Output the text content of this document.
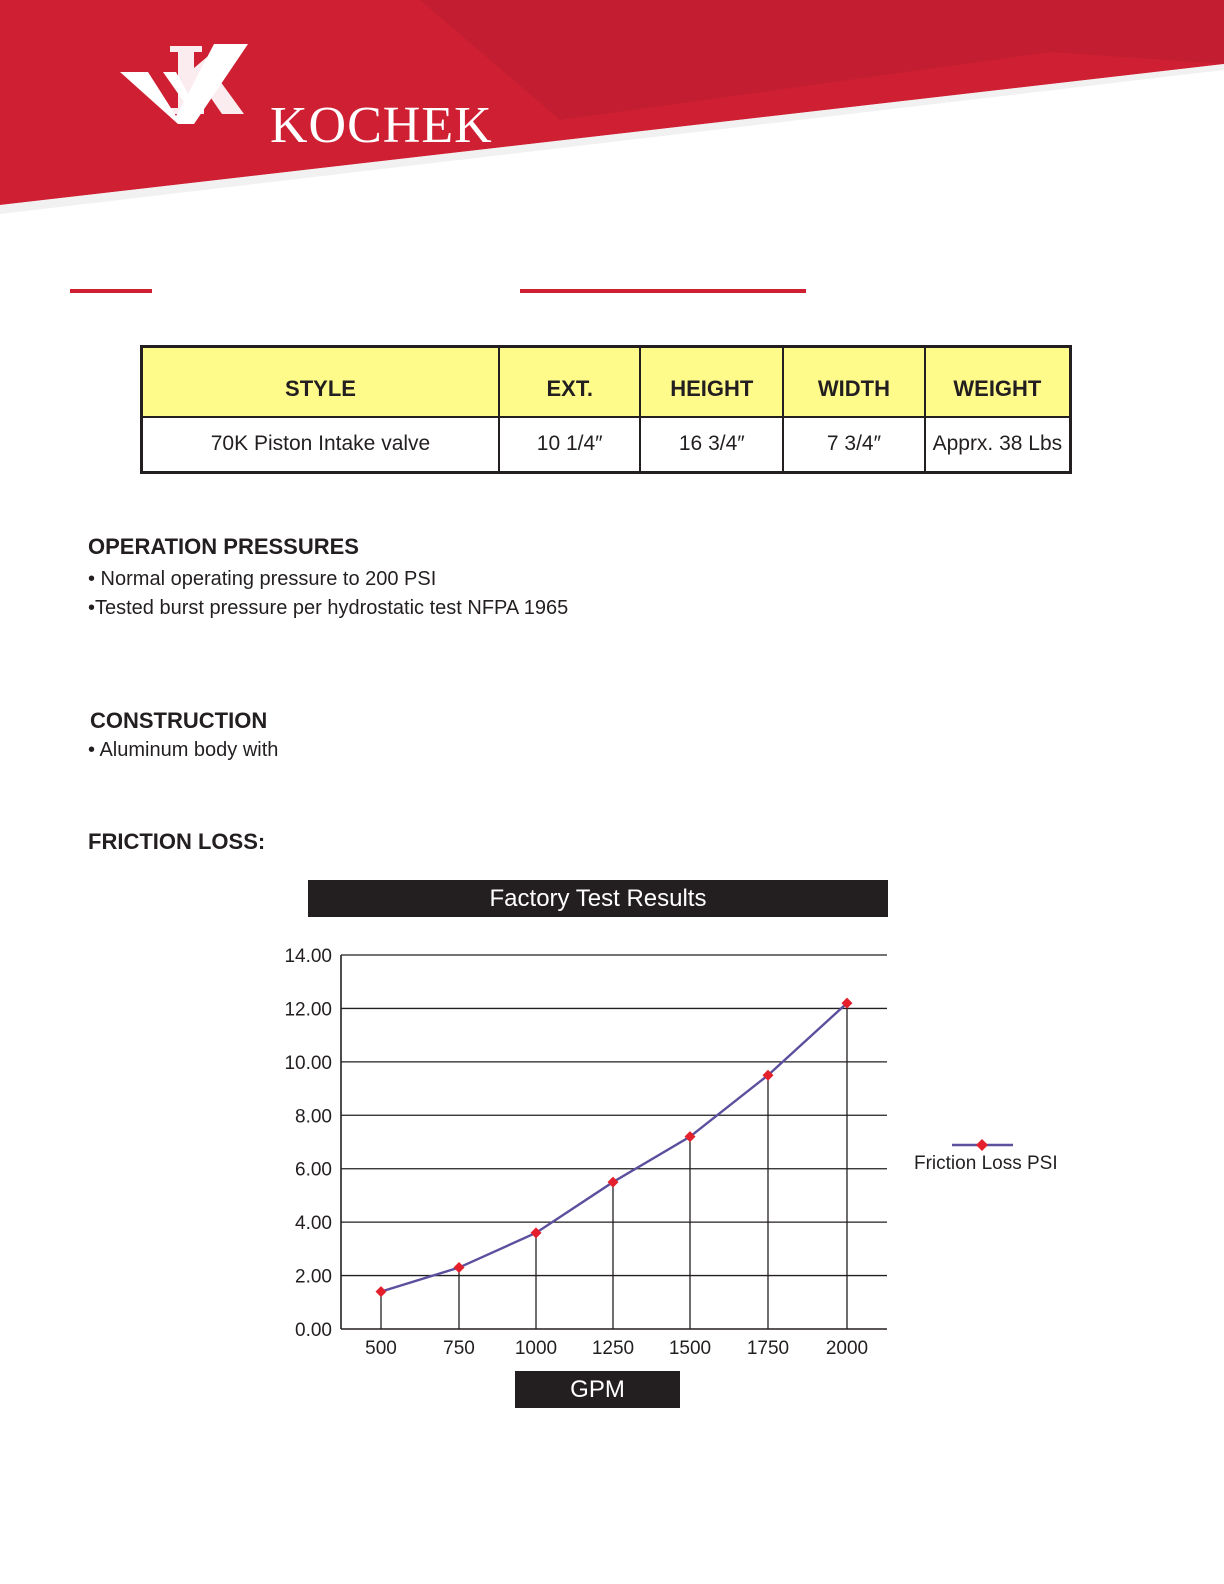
KOCHEK
STYLE	EXT.	HEIGHT	WIDTH	WEIGHT
70K Piston Intake valve	10 1/4″	16 3/4″	7 3/4″	Apprx. 38 Lbs
OPERATION PRESSURES

• Normal operating pressure to 200 PSI

•Tested burst pressure per hydrostatic test NFPA 1965

CONSTRUCTION

• Aluminum body with

FRICTION LOSS:
Factory Test Results
0.00
2.00
4.00
6.00
8.00
10.00
12.00
14.00
500 750 1000 1250 1500 1750 2000
Friction Loss PSI
GPM
